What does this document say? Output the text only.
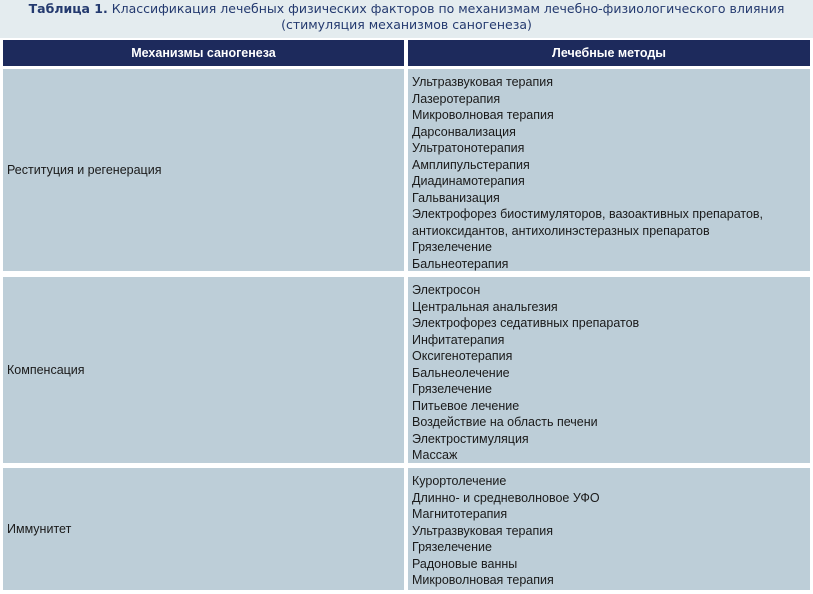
Таблица 1. Классификация лечебных физических факторов по механизмам лечебно-физиологического влияния
(стимуляция механизмов саногенеза)
Механизмы саногенеза	Лечебные методы
Реституция и регенерация
Ультразвуковая терапия
Лазеротерапия
Микроволновая терапия
Дарсонвализация
Ультратонотерапия
Амплипульстерапия
Диадинамотерапия
Гальванизация
Электрофорез биостимуляторов, вазоактивных препаратов, антиоксидантов, антихолинэстеразных препаратов
Грязелечение
Бальнеотерапия
Компенсация
Электросон
Центральная анальгезия
Электрофорез седативных препаратов
Инфитатерапия
Оксигенотерапия
Бальнеолечение
Грязелечение
Питьевое лечение
Воздействие на область печени
Электростимуляция
Массаж
Иммунитет
Курортолечение
Длинно- и средневолновое УФО
Магнитотерапия
Ультразвуковая терапия
Грязелечение
Радоновые ванны
Микроволновая терапия
